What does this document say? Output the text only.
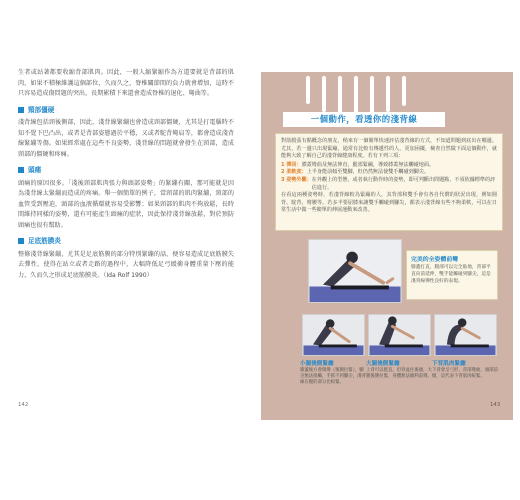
生者或站著都要收縮背部肌肉。因此，一般人縮緊縮作為方道要就是背部的肌肉，如果不積極維護這個部位，久而久之，脊椎關節間的負力就會增加，這時不只容易造成傷問題的突出，長期累積下來還會造成脊椎的退化、彎曲等。

頸部僵硬

淺背線包括頸後側部，因此，淺背線緊繃也會造成頸部僵硬，尤其是打電腦時不知不覺下巴凸出，或者是背部姿態過於平穩，又或者駝背彎肩等，都會造成淺背線緊繃等傷。如果經常處在這些不良姿勢，淺背線的問題就會發生在頸部，造成頸部的僵硬和疼痛。

頭痛

頭痛的原因很多。「淺後頸部肌肉張力與頭部姿勢」的緊繃有關，那可能就是因為淺背線太緊繃而造成的疼痛。舉一個簡單的例子，當頸部的肌肉緊繃，頸部的血管受到壓迫，頭部的血液循環就容易受影響；如果頸部的肌肉不夠放鬆，長時間維持同樣的姿勢，還有可能產生頭痛的症狀，因此保持淺背線放鬆，對於預防頭痛也很有幫助。

足底筋膜炎

整條淺背線緊繃，尤其是足底筋膜的部分特別緊繃的話，便容易造成足底筋膜失去彈性，使得在站立或者走路的過程中，大幅降低足弓緩衝身體重量下壓的能力，久而久之形成足底筋膜炎。（Ida Rolf 1990）

142
一個動作，看透你的淺背線

對筋膜張有點概念的朋友，稍來有一個簡單快速評估淺背線的方式，不知道問題到底出在哪邊。尤其，若一邊只出現緊繃，通常有比較有傳遞性的人，更加困擾，檢查自然做下面這個動作，就能夠大致了解自己的淺背線健康程度。若有下列三項：

1 彈回： 膝蓋彎曲及無法伸直，腿部緊繃，導致膝蓋無法觸碰地面。
2 柔軟度： 上半身能前傾至雙腳，但仍然無法使雙手觸碰到腳尖。
3 姿勢外觀： 在外觀上的型態，或者執行動作時的姿勢，即可判斷出問題點，不須依據標準的評估進行。

在看這兩種姿勢時，若淺背線較為緊繃的人，其背部和雙手會有各自代償的狀況出現，例如圓背、駝背、彎腰等。若多半要屈膝來讓雙手觸碰到腳尖，都表示淺背線有些不夠柔軟，可以在日常生活中做一些簡單的伸展運動來改善。

完美的全姿體前彎
膝蓋打直，腿部可以完全貼地，背部平直向前延伸，雙手能觸碰到腳尖，這是淺背線彈性良好的表現。
小腿後側緊繃
膝蓋後方會微彎（後側拉緊），腳尖無法接觸，手抓不到腳尖，淺背線在腿的部分比較緊。
大腿後側緊繃
上背可以挺直，但骨盆往後傾，大腿後側拉緊，身體無法順利前彎。
下背肌肉緊繃
下背會呈弓形，背部彎曲，頭部前傾，這代表下背肌肉較緊。
143
